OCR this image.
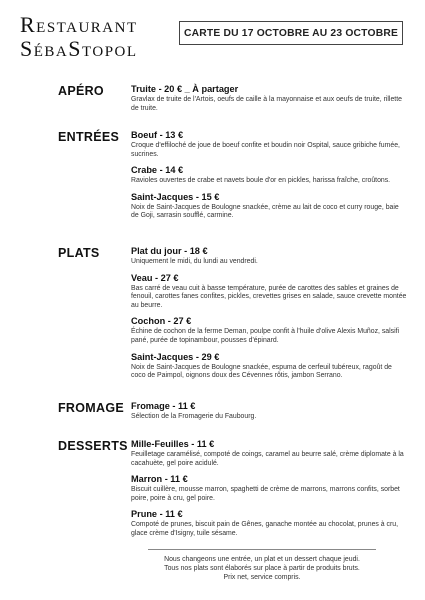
Restaurant
SébaStopol
CARTE DU 17 OCTOBRE AU 23 OCTOBRE
APÉRO	Truite - 20 € _ À partager
Gravlax de truite de l'Artois, oeufs de caille à la mayonnaise et aux oeufs de truite, rillette de truite.
ENTRÉES Boeuf - 13 €
Croque d'effiloché de joue de boeuf confite et boudin noir Ospital, sauce gribiche fumée, sucrines.
Crabe - 14 €
Ravioles ouvertes de crabe et navets boule d'or en pickles, harissa fraîche, croûtons.
Saint-Jacques - 15 €
Noix de Saint-Jacques de Boulogne snackée, crème au lait de coco et curry rouge, baie de Goji, sarrasin soufflé, carmine.
PLATS	Plat du jour - 18 €
Uniquement le midi, du lundi au vendredi.
Veau - 27 €
Bas carré de veau cuit à basse température, purée de carottes des sables et graines de fenouil, carottes fanes confites, pickles, crevettes grises en salade, sauce crevette montée au beurre.
Cochon - 27 €
Échine de cochon de la ferme Deman, poulpe confit à l'huile d'olive Alexis Muñoz, salsifi pané, purée de topinambour, pousses d'épinard.
Saint-Jacques - 29 €
Noix de Saint-Jacques de Boulogne snackée, espuma de cerfeuil tubéreux, ragoût de coco de Paimpol, oignons doux des Cévennes rôtis, jambon Serrano.
FROMAGE Fromage - 11 €
Sélection de la Fromagerie du Faubourg.
DESSERTS Mille-Feuilles - 11 €
Feuilletage caramélisé, compoté de coings, caramel au beurre salé, crème diplomate à la cacahuète, gel poire acidulé.
Marron - 11 €
Biscuit cuillère, mousse marron, spaghetti de crème de marrons, marrons confits, sorbet poire, poire à cru, gel poire.
Prune - 11 €
Compoté de prunes, biscuit pain de Gênes, ganache montée au chocolat, prunes à cru, glace crème d'Isigny, tuile sésame.
Nous changeons une entrée, un plat et un dessert chaque jeudi.
Tous nos plats sont élaborés sur place à partir de produits bruts.
Prix net, service compris.
